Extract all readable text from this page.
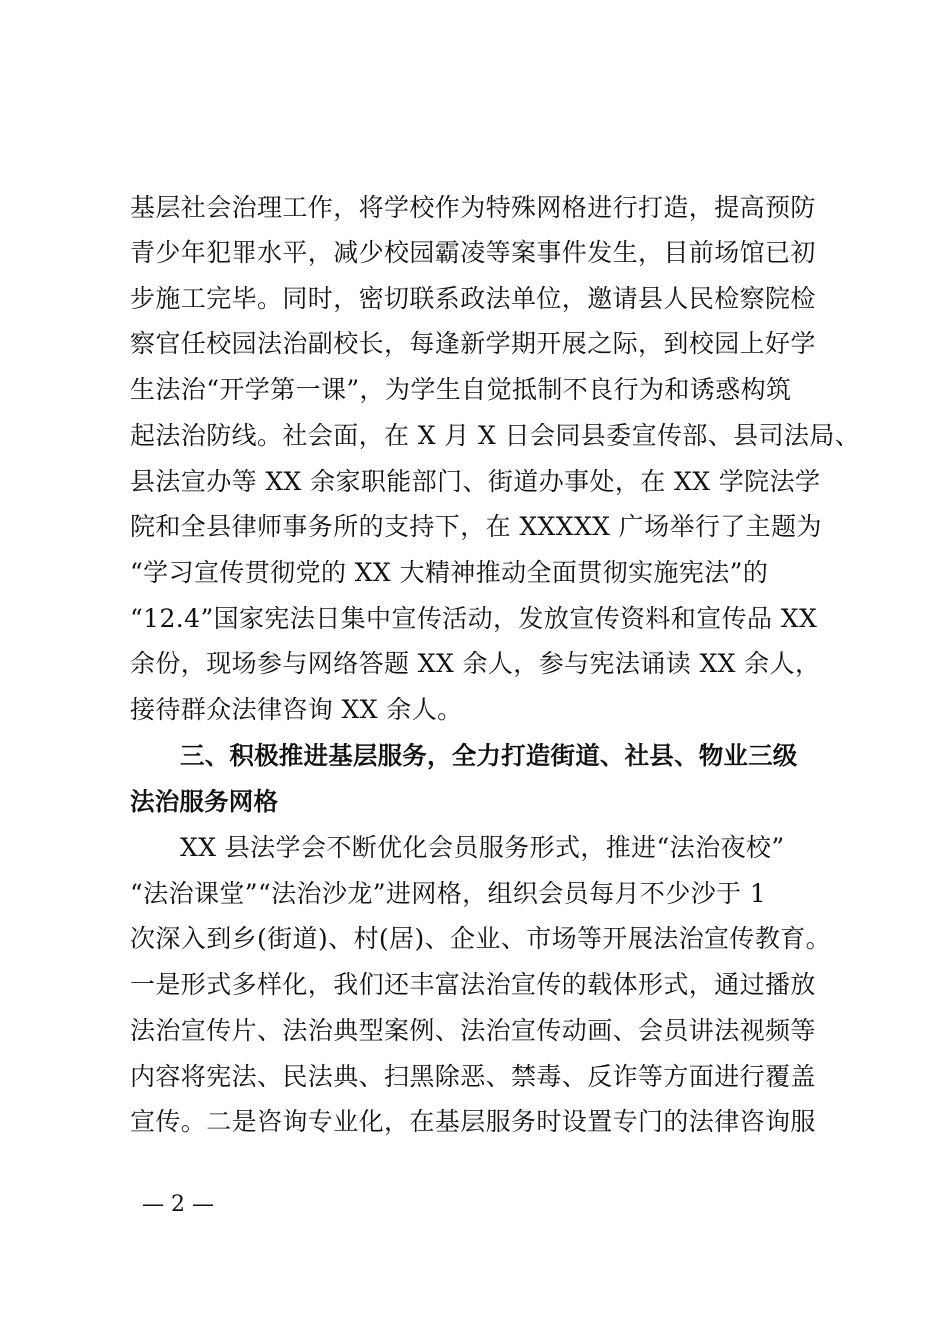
基层社会治理工作，将学校作为特殊网格进行打造，提高预防
青少年犯罪水平，减少校园霸凌等案事件发生，目前场馆已初
步施工完毕。同时，密切联系政法单位，邀请县人民检察院检
察官任校园法治副校长，每逢新学期开展之际，到校园上好学
生法治“开学第一课”，为学生自觉抵制不良行为和诱惑构筑
起法治防线。社会面，在 X 月 X 日会同县委宣传部、县司法局、
县法宣办等 XX 余家职能部门、街道办事处，在 XX 学院法学
院和全县律师事务所的支持下，在 XXXXX 广场举行了主题为
“学习宣传贯彻党的 XX 大精神推动全面贯彻实施宪法”的
“12.4”国家宪法日集中宣传活动，发放宣传资料和宣传品 XX
余份，现场参与网络答题 XX 余人，参与宪法诵读 XX 余人，
接待群众法律咨询 XX 余人。
三、积极推进基层服务，全力打造街道、社县、物业三级
法治服务网格
XX 县法学会不断优化会员服务形式，推进“法治夜校”
“法治课堂”“法治沙龙”进网格，组织会员每月不少沙于 1
次深入到乡(街道)、村(居)、企业、市场等开展法治宣传教育。
一是形式多样化，我们还丰富法治宣传的载体形式，通过播放
法治宣传片、法治典型案例、法治宣传动画、会员讲法视频等
内容将宪法、民法典、扫黑除恶、禁毒、反诈等方面进行覆盖
宣传。二是咨询专业化，在基层服务时设置专门的法律咨询服
— 2 —
